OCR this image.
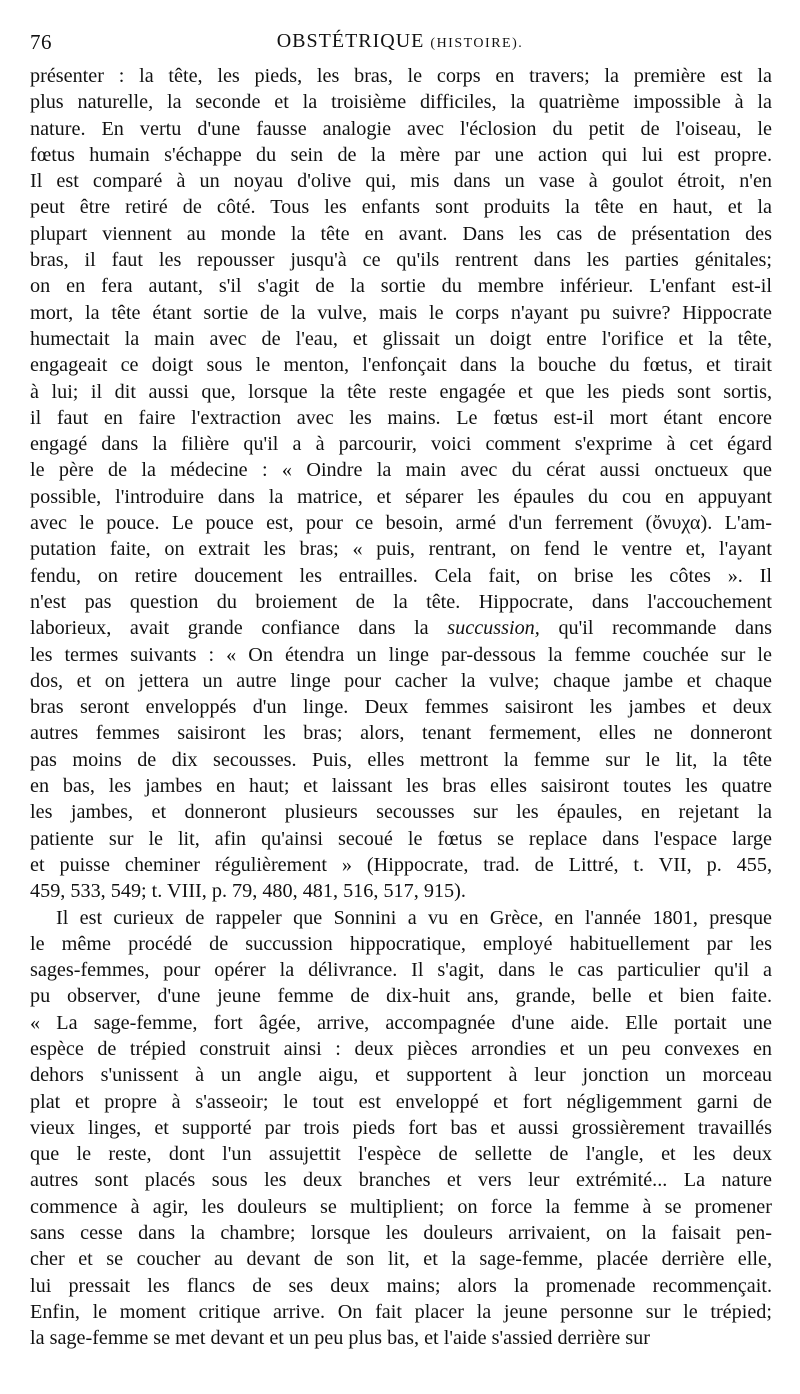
76	OBSTÉTRIQUE (HISTOIRE).
présenter : la tête, les pieds, les bras, le corps en travers; la première est la
plus naturelle, la seconde et la troisième difficiles, la quatrième impossible à la
nature. En vertu d'une fausse analogie avec l'éclosion du petit de l'oiseau, le
fœtus humain s'échappe du sein de la mère par une action qui lui est propre.
Il est comparé à un noyau d'olive qui, mis dans un vase à goulot étroit, n'en
peut être retiré de côté. Tous les enfants sont produits la tête en haut, et la
plupart viennent au monde la tête en avant. Dans les cas de présentation des
bras, il faut les repousser jusqu'à ce qu'ils rentrent dans les parties génitales;
on en fera autant, s'il s'agit de la sortie du membre inférieur. L'enfant est-il
mort, la tête étant sortie de la vulve, mais le corps n'ayant pu suivre? Hippocrate
humectait la main avec de l'eau, et glissait un doigt entre l'orifice et la tête,
engageait ce doigt sous le menton, l'enfonçait dans la bouche du fœtus, et tirait
à lui; il dit aussi que, lorsque la tête reste engagée et que les pieds sont sortis,
il faut en faire l'extraction avec les mains. Le fœtus est-il mort étant encore
engagé dans la filière qu'il a à parcourir, voici comment s'exprime à cet égard
le père de la médecine : « Oindre la main avec du cérat aussi onctueux que
possible, l'introduire dans la matrice, et séparer les épaules du cou en appuyant
avec le pouce. Le pouce est, pour ce besoin, armé d'un ferrement (ὄνυχα). L'am-
putation faite, on extrait les bras; « puis, rentrant, on fend le ventre et, l'ayant
fendu, on retire doucement les entrailles. Cela fait, on brise les côtes ». Il
n'est pas question du broiement de la tête. Hippocrate, dans l'accouchement
laborieux, avait grande confiance dans la succussion, qu'il recommande dans
les termes suivants : « On étendra un linge par-dessous la femme couchée sur le
dos, et on jettera un autre linge pour cacher la vulve; chaque jambe et chaque
bras seront enveloppés d'un linge. Deux femmes saisiront les jambes et deux
autres femmes saisiront les bras; alors, tenant fermement, elles ne donneront
pas moins de dix secousses. Puis, elles mettront la femme sur le lit, la tête
en bas, les jambes en haut; et laissant les bras elles saisiront toutes les quatre
les jambes, et donneront plusieurs secousses sur les épaules, en rejetant la
patiente sur le lit, afin qu'ainsi secoué le fœtus se replace dans l'espace large
et puisse cheminer régulièrement » (Hippocrate, trad. de Littré, t. VII, p. 455,
459, 533, 549; t. VIII, p. 79, 480, 481, 516, 517, 915).
Il est curieux de rappeler que Sonnini a vu en Grèce, en l'année 1801, presque
le même procédé de succussion hippocratique, employé habituellement par les
sages-femmes, pour opérer la délivrance. Il s'agit, dans le cas particulier qu'il a
pu observer, d'une jeune femme de dix-huit ans, grande, belle et bien faite.
« La sage-femme, fort âgée, arrive, accompagnée d'une aide. Elle portait une
espèce de trépied construit ainsi : deux pièces arrondies et un peu convexes en
dehors s'unissent à un angle aigu, et supportent à leur jonction un morceau
plat et propre à s'asseoir; le tout est enveloppé et fort négligemment garni de
vieux linges, et supporté par trois pieds fort bas et aussi grossièrement travaillés
que le reste, dont l'un assujettit l'espèce de sellette de l'angle, et les deux
autres sont placés sous les deux branches et vers leur extrémité... La nature
commence à agir, les douleurs se multiplient; on force la femme à se promener
sans cesse dans la chambre; lorsque les douleurs arrivaient, on la faisait pen-
cher et se coucher au devant de son lit, et la sage-femme, placée derrière elle,
lui pressait les flancs de ses deux mains; alors la promenade recommençait.
Enfin, le moment critique arrive. On fait placer la jeune personne sur le trépied;
la sage-femme se met devant et un peu plus bas, et l'aide s'assied derrière sur
